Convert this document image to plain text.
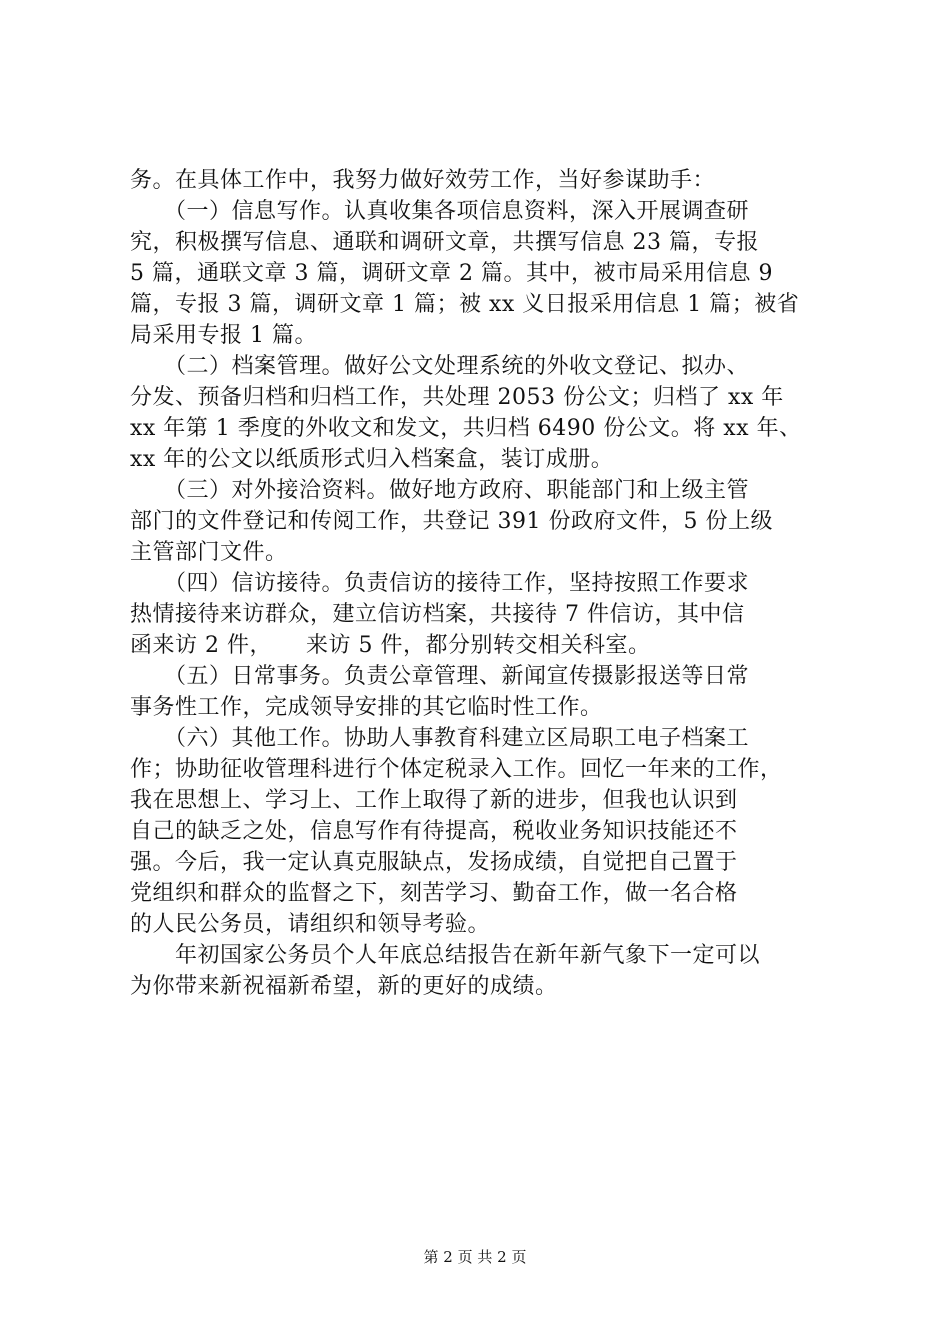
务。在具体工作中，我努力做好效劳工作，当好参谋助手：
　　（一）信息写作。认真收集各项信息资料，深入开展调查研
究，积极撰写信息、通联和调研文章，共撰写信息 23 篇，专报
5 篇，通联文章 3 篇，调研文章 2 篇。其中，被市局采用信息 9
篇，专报 3 篇，调研文章 1 篇；被 xx 义日报采用信息 1 篇；被省
局采用专报 1 篇。
　　（二）档案管理。做好公文处理系统的外收文登记、拟办、
分发、预备归档和归档工作，共处理 2053 份公文；归档了 xx 年
xx 年第 1 季度的外收文和发文，共归档 6490 份公文。将 xx 年、
xx 年的公文以纸质形式归入档案盒，装订成册。
　　（三）对外接洽资料。做好地方政府、职能部门和上级主管
部门的文件登记和传阅工作，共登记 391 份政府文件，5 份上级
主管部门文件。
　　（四）信访接待。负责信访的接待工作，坚持按照工作要求
热情接待来访群众，建立信访档案，共接待 7 件信访，其中信
函来访 2 件，　　来访 5 件，都分别转交相关科室。
　　（五）日常事务。负责公章管理、新闻宣传摄影报送等日常
事务性工作，完成领导安排的其它临时性工作。
　　（六）其他工作。协助人事教育科建立区局职工电子档案工
作；协助征收管理科进行个体定税录入工作。回忆一年来的工作，
我在思想上、学习上、工作上取得了新的进步，但我也认识到
自己的缺乏之处，信息写作有待提高，税收业务知识技能还不
强。今后，我一定认真克服缺点，发扬成绩，自觉把自己置于
党组织和群众的监督之下，刻苦学习、勤奋工作，做一名合格
的人民公务员，请组织和领导考验。
　　年初国家公务员个人年底总结报告在新年新气象下一定可以
为你带来新祝福新希望，新的更好的成绩。
第 2 页 共 2 页
